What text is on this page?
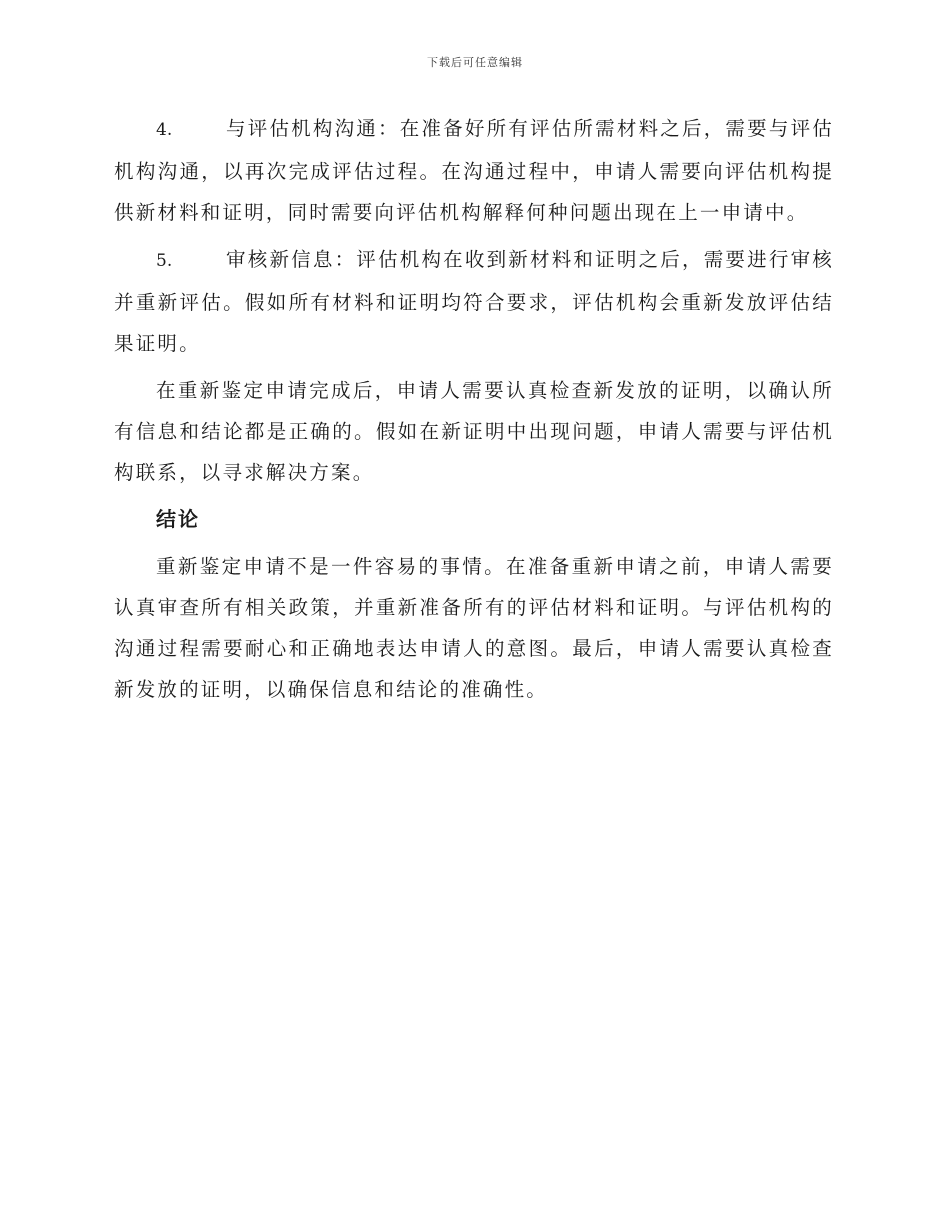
下载后可任意编辑

4.	与评估机构沟通：在准备好所有评估所需材料之后，需要与评估机构沟通，以再次完成评估过程。在沟通过程中，申请人需要向评估机构提供新材料和证明，同时需要向评估机构解释何种问题出现在上一申请中。

5.	审核新信息：评估机构在收到新材料和证明之后，需要进行审核并重新评估。假如所有材料和证明均符合要求，评估机构会重新发放评估结果证明。

在重新鉴定申请完成后，申请人需要认真检查新发放的证明，以确认所有信息和结论都是正确的。假如在新证明中出现问题，申请人需要与评估机构联系，以寻求解决方案。

结论

重新鉴定申请不是一件容易的事情。在准备重新申请之前，申请人需要认真审查所有相关政策，并重新准备所有的评估材料和证明。与评估机构的沟通过程需要耐心和正确地表达申请人的意图。最后，申请人需要认真检查新发放的证明，以确保信息和结论的准确性。
